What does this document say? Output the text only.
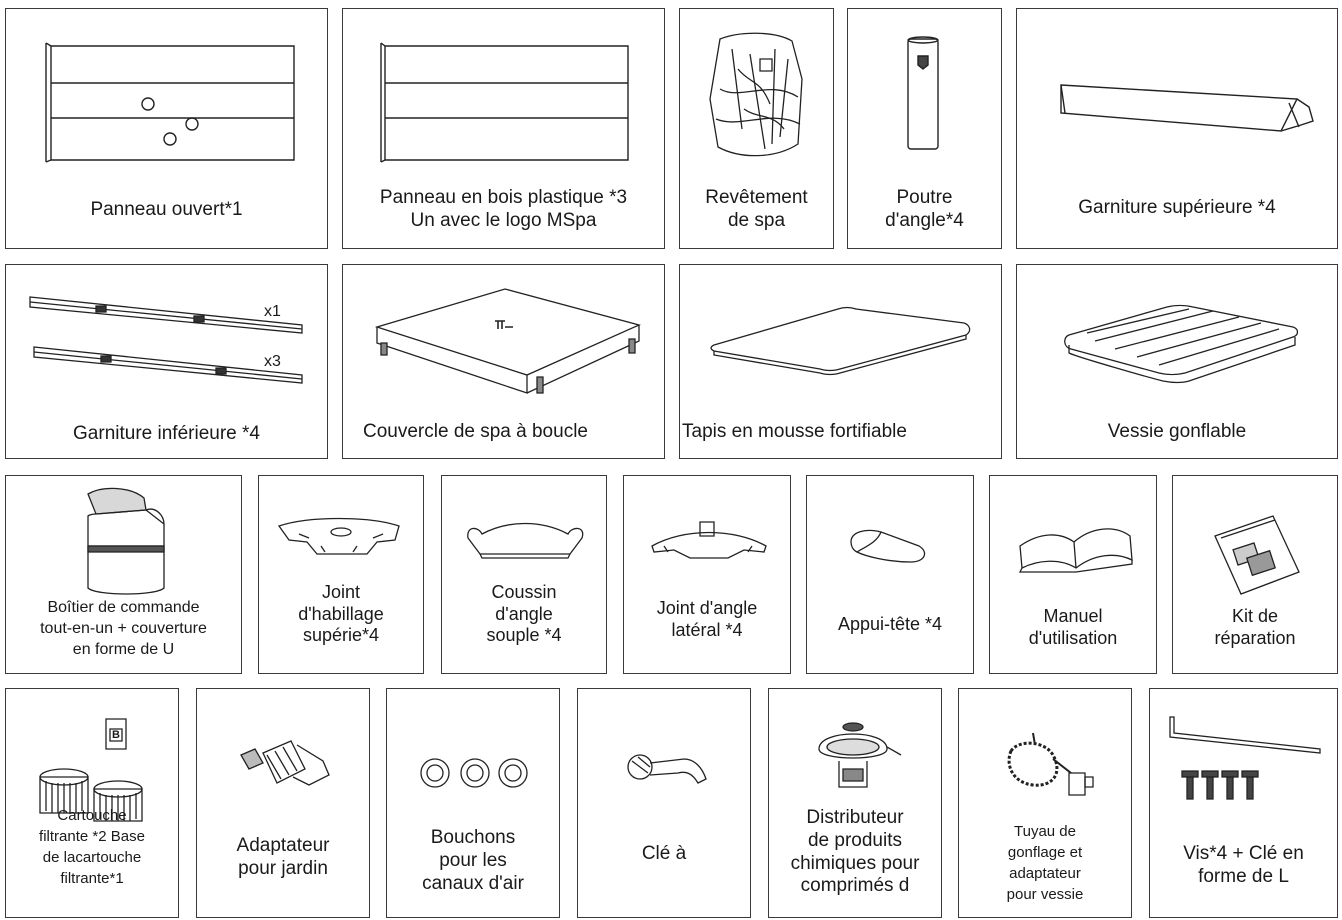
Panneau ouvert*1
Panneau en bois plastique *3
Un avec le logo MSpa
Revêtement
de spa
Poutre
d'angle*4
Garniture supérieure *4
x1
x3
Garniture inférieure *4	Couvercle de spa à boucle	Tapis en mousse fortifiable	Vessie gonflable
Boîtier de commande
tout-en-un + couverture
en forme de U
Joint
d'habillage
supérie*4
Coussin
d'angle
souple *4
Joint d'angle
latéral *4	Appui-tête *4	Manuel
d'utilisation
Kit de
réparation
B
Cartouche
filtrante *2 Base
de lacartouche
filtrante*1
Adaptateur
pour jardin
Bouchons
pour les
canaux d'air
Clé à
Distributeur
de produits
chimiques pour
comprimés d
Tuyau de
gonflage et
adaptateur
pour vessie
Vis*4 + Clé en
forme de L
